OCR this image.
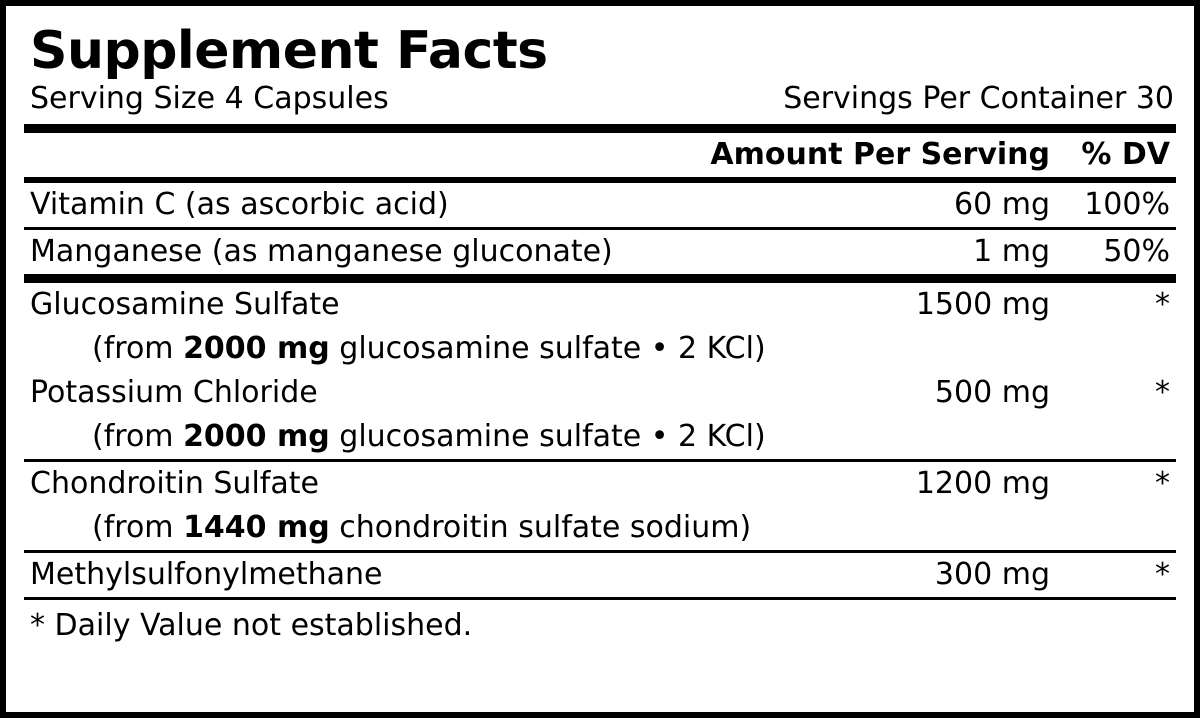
Supplement Facts
Serving Size 4 Capsules	Servings Per Container 30
	Amount Per Serving	% DV

Vitamin C (as ascorbic acid)	60 mg	100%

Manganese (as manganese gluconate)	1 mg	50%

Glucosamine Sulfate	1500 mg	*
(from 2000 mg glucosamine sulfate • 2 KCl)		
Potassium Chloride	500 mg	*
(from 2000 mg glucosamine sulfate • 2 KCl)		

Chondroitin Sulfate	1200 mg	*
(from 1440 mg chondroitin sulfate sodium)		

Methylsulfonylmethane	300 mg	*

* Daily Value not established.
